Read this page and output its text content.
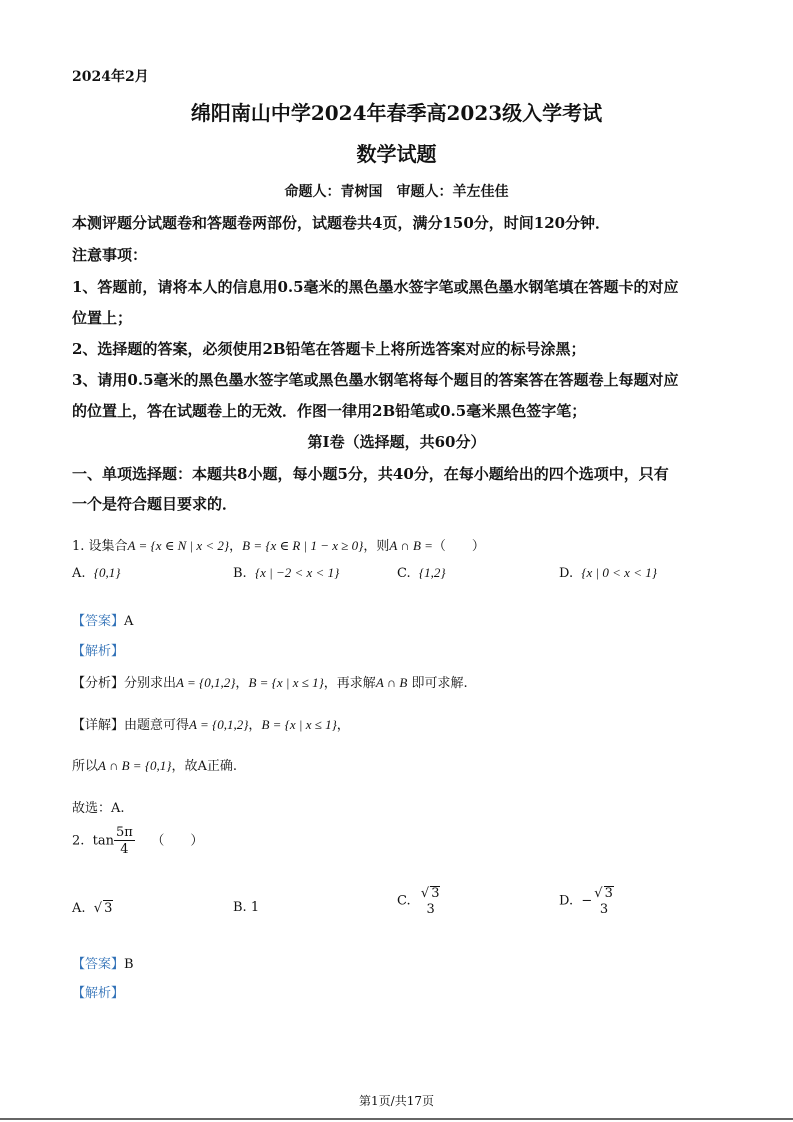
2024年2月
绵阳南山中学2024年春季高2023级入学考试
数学试题
命题人：青树国　审题人：羊左佳佳
本测评题分试题卷和答题卷两部份，试题卷共4页，满分150分，时间120分钟．
注意事项：
1、答题前，请将本人的信息用0.5毫米的黑色墨水签字笔或黑色墨水钢笔填在答题卡的对应
位置上；
2、选择题的答案，必须使用2B铅笔在答题卡上将所选答案对应的标号涂黑；
3、请用0.5毫米的黑色墨水签字笔或黑色墨水钢笔将每个题目的答案答在答题卷上每题对应
的位置上，答在试题卷上的无效．作图一律用2B铅笔或0.5毫米黑色签字笔；
第Ⅰ卷（选择题，共60分）
一、单项选择题：本题共8小题，每小题5分，共40分，在每小题给出的四个选项中，只有
一个是符合题目要求的．
1. 设集合A = {x ∈ N | x < 2}，B = {x ∈ R | 1 − x ≥ 0}，则A ∩ B =（　　）
A. {0,1}	B. {x | −2 < x < 1}	C. {1,2}	D. {x | 0 < x < 1}
【答案】A
【解析】
【分析】分别求出A = {0,1,2}，B = {x | x ≤ 1}，再求解A ∩ B 即可求解.
【详解】由题意可得A = {0,1,2}，B = {x | x ≤ 1}，
所以A ∩ B = {0,1}，故A正确.
故选：A.
2. $\tan \frac{5\pi}{4}$ （　　）
A. √ 3	B. 1	C. √ 3
3
D. − √ 3
3
【答案】B
【解析】
第1页/共17页
